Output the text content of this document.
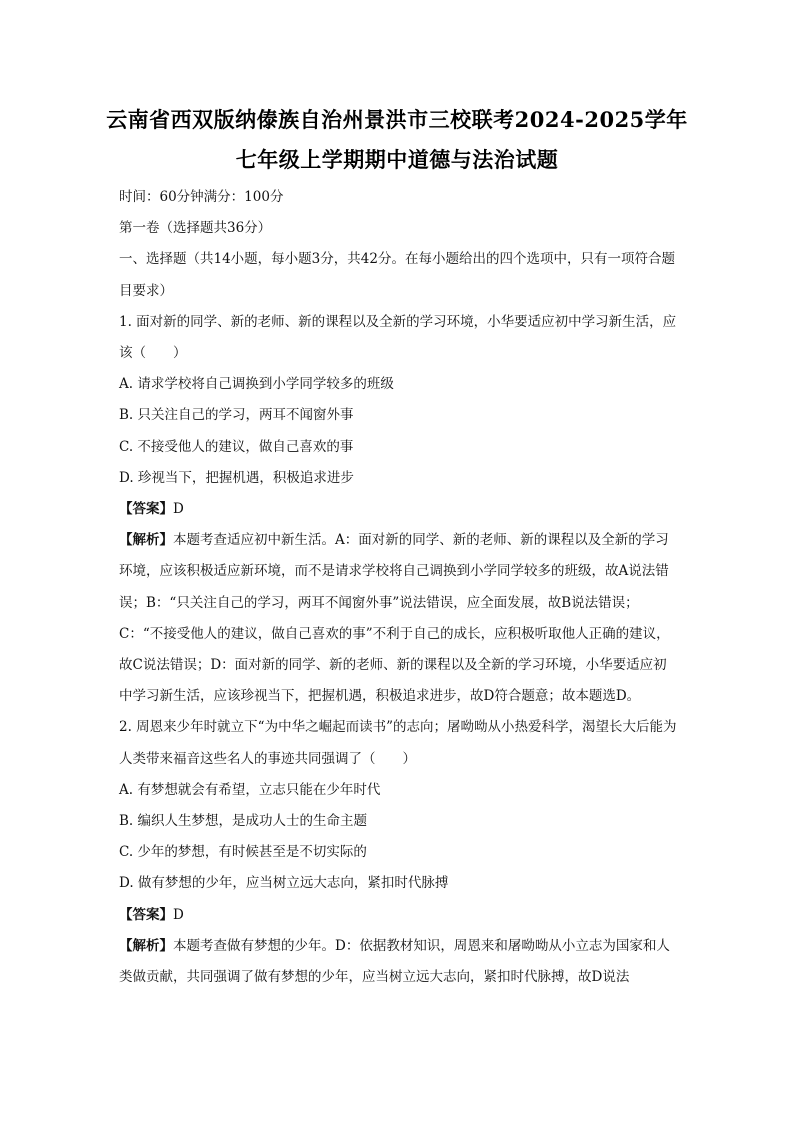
云南省西双版纳傣族自治州景洪市三校联考2024-2025学年
七年级上学期期中道德与法治试题

时间：60分钟满分：100分

第一卷（选择题共36分）

一、选择题（共14小题，每小题3分，共42分。在每小题给出的四个选项中，只有一项符合题目要求）

1. 面对新的同学、新的老师、新的课程以及全新的学习环境，小华要适应初中学习新生活，应该（　　）

A. 请求学校将自己调换到小学同学较多的班级

B. 只关注自己的学习，两耳不闻窗外事

C. 不接受他人的建议，做自己喜欢的事

D. 珍视当下，把握机遇，积极追求进步

【答案】D

【解析】本题考查适应初中新生活。A：面对新的同学、新的老师、新的课程以及全新的学习环境，应该积极适应新环境，而不是请求学校将自己调换到小学同学较多的班级，故A说法错误；B：“只关注自己的学习，两耳不闻窗外事”说法错误，应全面发展，故B说法错误；C：“不接受他人的建议，做自己喜欢的事”不利于自己的成长，应积极听取他人正确的建议，故C说法错误；D：面对新的同学、新的老师、新的课程以及全新的学习环境，小华要适应初中学习新生活，应该珍视当下，把握机遇，积极追求进步，故D符合题意；故本题选D。

2. 周恩来少年时就立下“为中华之崛起而读书”的志向；屠呦呦从小热爱科学，渴望长大后能为人类带来福音这些名人的事迹共同强调了（　　）

A. 有梦想就会有希望，立志只能在少年时代

B. 编织人生梦想，是成功人士的生命主题

C. 少年的梦想，有时候甚至是不切实际的

D. 做有梦想的少年，应当树立远大志向，紧扣时代脉搏

【答案】D

【解析】本题考查做有梦想的少年。D：依据教材知识，周恩来和屠呦呦从小立志为国家和人类做贡献，共同强调了做有梦想的少年，应当树立远大志向，紧扣时代脉搏，故D说法
